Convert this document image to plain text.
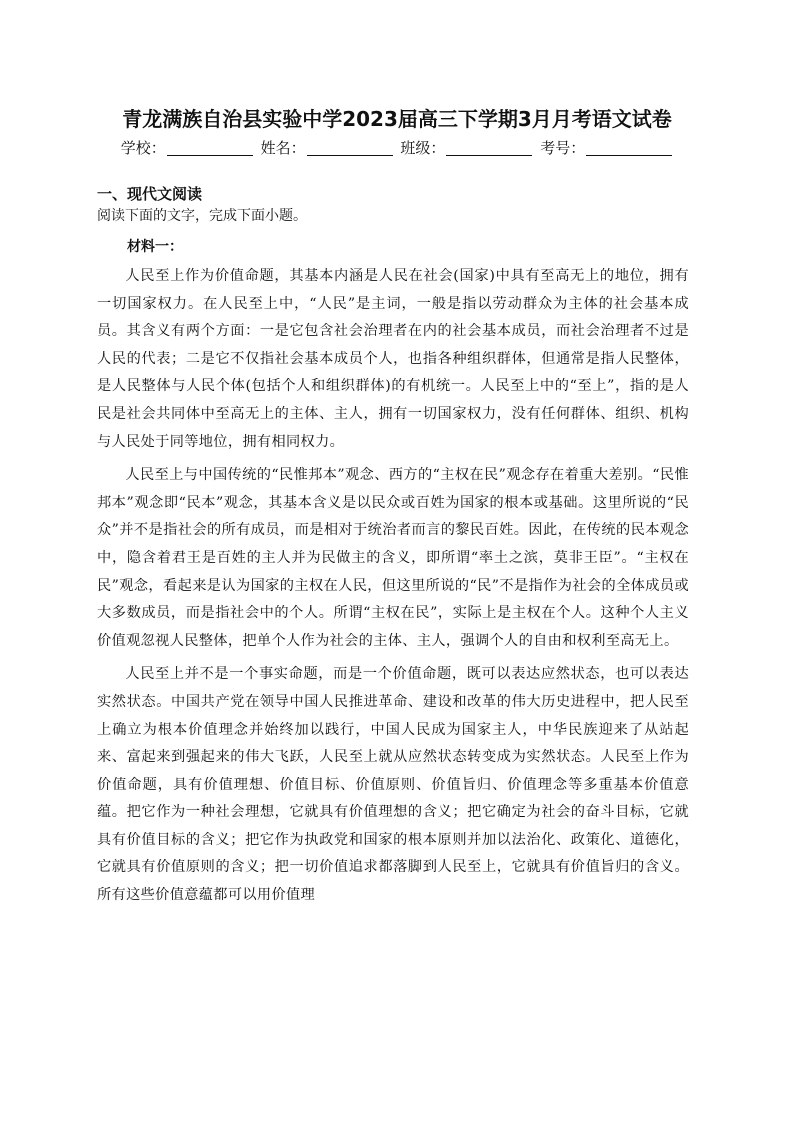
青龙满族自治县实验中学2023届高三下学期3月月考语文试卷
学校：	姓名：	班级：	考号：
一、现代文阅读
阅读下面的文字，完成下面小题。
材料一：

人民至上作为价值命题，其基本内涵是人民在社会(国家)中具有至高无上的地位，拥有一切国家权力。在人民至上中，“人民”是主词，一般是指以劳动群众为主体的社会基本成员。其含义有两个方面：一是它包含社会治理者在内的社会基本成员，而社会治理者不过是人民的代表；二是它不仅指社会基本成员个人，也指各种组织群体，但通常是指人民整体，是人民整体与人民个体(包括个人和组织群体)的有机统一。人民至上中的“至上”，指的是人民是社会共同体中至高无上的主体、主人，拥有一切国家权力，没有任何群体、组织、机构与人民处于同等地位，拥有相同权力。

人民至上与中国传统的“民惟邦本”观念、西方的“主权在民”观念存在着重大差别。“民惟邦本”观念即“民本”观念，其基本含义是以民众或百姓为国家的根本或基础。这里所说的“民众”并不是指社会的所有成员，而是相对于统治者而言的黎民百姓。因此，在传统的民本观念中，隐含着君王是百姓的主人并为民做主的含义，即所谓“率土之滨，莫非王臣”。“主权在民”观念，看起来是认为国家的主权在人民，但这里所说的“民”不是指作为社会的全体成员或大多数成员，而是指社会中的个人。所谓“主权在民”，实际上是主权在个人。这种个人主义价值观忽视人民整体，把单个人作为社会的主体、主人，强调个人的自由和权利至高无上。

人民至上并不是一个事实命题，而是一个价值命题，既可以表达应然状态，也可以表达实然状态。中国共产党在领导中国人民推进革命、建设和改革的伟大历史进程中，把人民至上确立为根本价值理念并始终加以践行，中国人民成为国家主人，中华民族迎来了从站起来、富起来到强起来的伟大飞跃，人民至上就从应然状态转变成为实然状态。人民至上作为价值命题，具有价值理想、价值目标、价值原则、价值旨归、价值理念等多重基本价值意蕴。把它作为一种社会理想，它就具有价值理想的含义；把它确定为社会的奋斗目标，它就具有价值目标的含义；把它作为执政党和国家的根本原则并加以法治化、政策化、道德化，它就具有价值原则的含义；把一切价值追求都落脚到人民至上，它就具有价值旨归的含义。所有这些价值意蕴都可以用价值理
